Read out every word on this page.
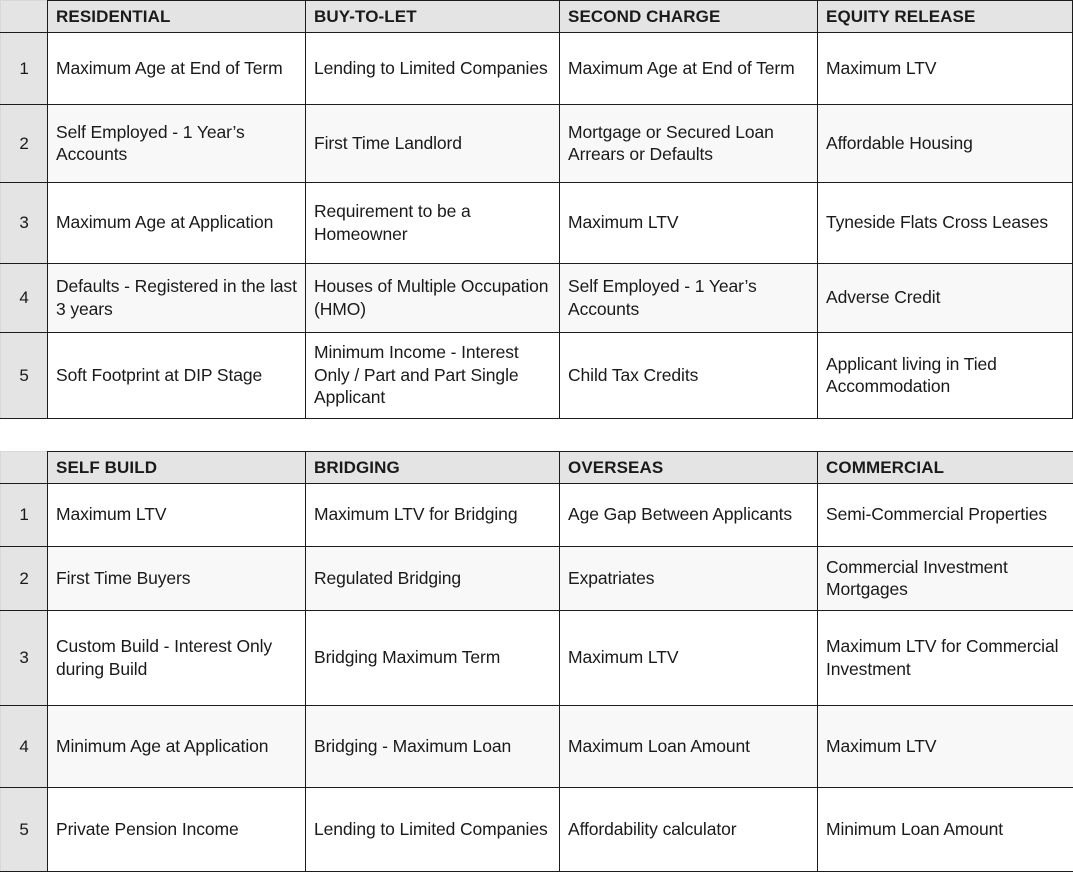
	RESIDENTIAL	BUY-TO-LET	SECOND CHARGE	EQUITY RELEASE
1	Maximum Age at End of Term	Lending to Limited Companies	Maximum Age at End of Term	Maximum LTV
2	Self Employed - 1 Year’s Accounts	First Time Landlord	Mortgage or Secured Loan Arrears or Defaults	Affordable Housing
3	Maximum Age at Application	Requirement to be a Homeowner	Maximum LTV	Tyneside Flats Cross Leases
4	Defaults - Registered in the last 3 years	Houses of Multiple Occupation (HMO)	Self Employed - 1 Year’s Accounts	Adverse Credit
5	Soft Footprint at DIP Stage	Minimum Income - Interest Only / Part and Part Single Applicant	Child Tax Credits	Applicant living in Tied Accommodation
	SELF BUILD	BRIDGING	OVERSEAS	COMMERCIAL
1	Maximum LTV	Maximum LTV for Bridging	Age Gap Between Applicants	Semi-Commercial Properties
2	First Time Buyers	Regulated Bridging	Expatriates	Commercial Investment Mortgages
3	Custom Build - Interest Only during Build	Bridging Maximum Term	Maximum LTV	Maximum LTV for Commercial Investment
4	Minimum Age at Application	Bridging - Maximum Loan	Maximum Loan Amount	Maximum LTV
5	Private Pension Income	Lending to Limited Companies	Affordability calculator	Minimum Loan Amount
